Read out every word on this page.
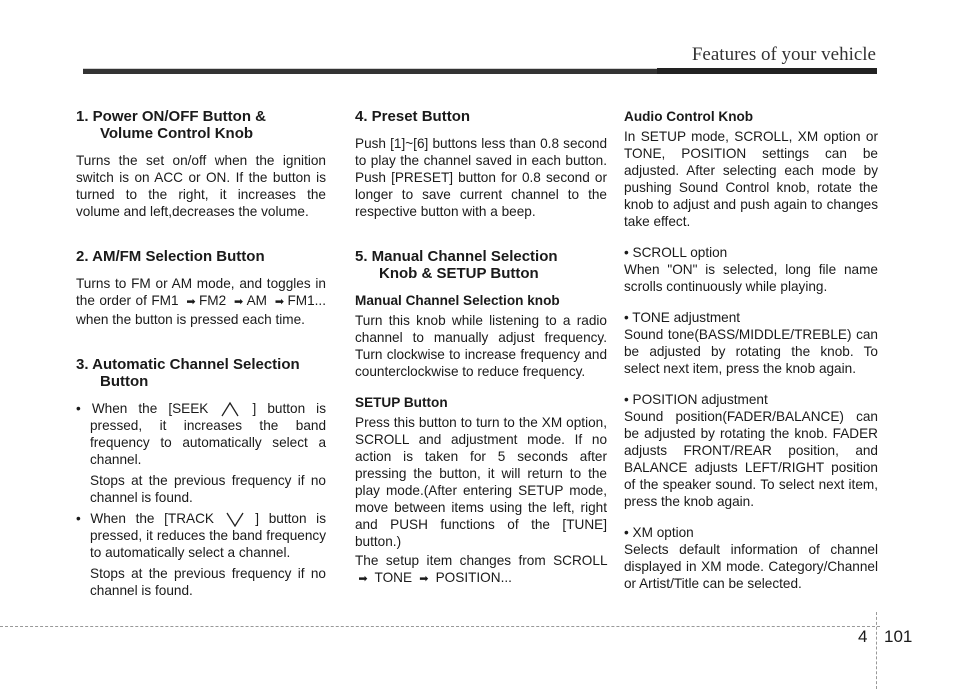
Features of your vehicle
1. Power ON/OFF Button &
Volume Control Knob

Turns the set on/off when the ignition switch is on ACC or ON. If the button is turned to the right, it increases the volume and left,decreases the volume.

2. AM/FM Selection Button

Turns to FM or AM mode, and toggles in the order of FM1 ➡ FM2 ➡ AM ➡ FM1... when the button is pressed each time.

3. Automatic Channel Selection
Button
• When the [SEEK	] button is pressed, it increases the band frequency to automatically select a channel.
Stops at the previous frequency if no channel is found.
• When the [TRACK	] button is pressed, it reduces the band frequency to automatically select a channel.
Stops at the previous frequency if no channel is found.
4. Preset Button

Push [1]~[6] buttons less than 0.8 second to play the channel saved in each button. Push [PRESET] button for 0.8 second or longer to save current channel to the respective button with a beep.

5. Manual Channel Selection
Knob & SETUP Button
Manual Channel Selection knob

Turn this knob while listening to a radio channel to manually adjust frequency. Turn clockwise to increase frequency and counterclockwise to reduce frequency.

SETUP Button

Press this button to turn to the XM option, SCROLL and adjustment mode. If no action is taken for 5 seconds after pressing the button, it will return to the play mode.(After entering SETUP mode, move between items using the left, right and PUSH functions of the [TUNE] button.)

The setup item changes from SCROLL ➡ TONE ➡ POSITION...

Audio Control Knob

In SETUP mode, SCROLL, XM option or TONE, POSITION settings can be adjusted. After selecting each mode by pushing Sound Control knob, rotate the knob to adjust and push again to changes take effect.

• SCROLL option

When "ON" is selected, long file name scrolls continuously while playing.

• TONE adjustment

Sound tone(BASS/MIDDLE/TREBLE) can be adjusted by rotating the knob. To select next item, press the knob again.

• POSITION adjustment

Sound position(FADER/BALANCE) can be adjusted by rotating the knob. FADER adjusts FRONT/REAR position, and BALANCE adjusts LEFT/RIGHT position of the speaker sound. To select next item, press the knob again.

• XM option

Selects default information of channel displayed in XM mode. Category/Channel or Artist/Title can be selected.

4 101
